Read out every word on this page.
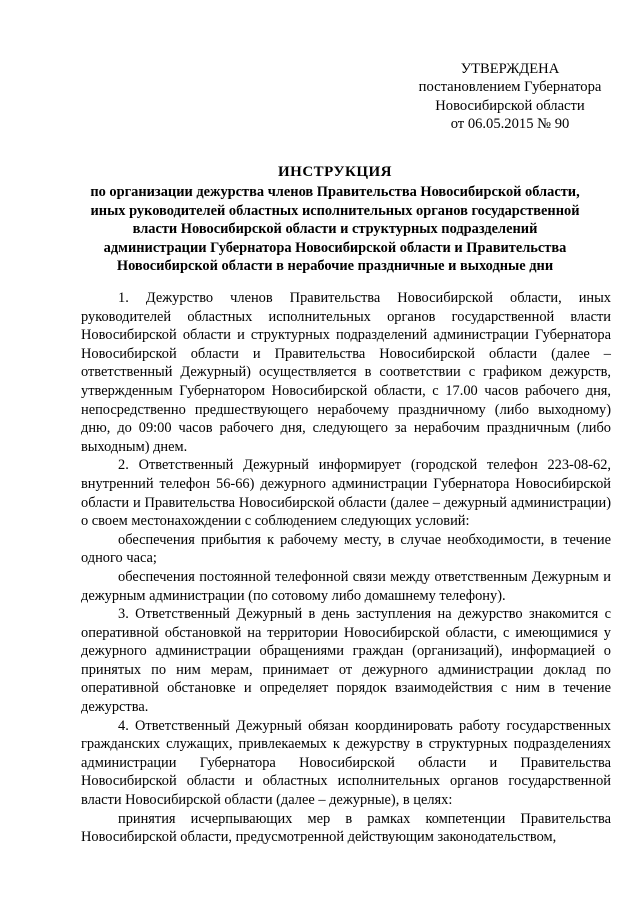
УТВЕРЖДЕНА
постановлением Губернатора
Новосибирской области
от 06.05.2015 № 90
ИНСТРУКЦИЯ
по организации дежурства членов Правительства Новосибирской области,
иных руководителей областных исполнительных органов государственной
власти Новосибирской области и структурных подразделений
администрации Губернатора Новосибирской области и Правительства
Новосибирской области в нерабочие праздничные и выходные дни

1. Дежурство членов Правительства Новосибирской области, иных руководителей областных исполнительных органов государственной власти Новосибирской области и структурных подразделений администрации Губернатора Новосибирской области и Правительства Новосибирской области (далее – ответственный Дежурный) осуществляется в соответствии с графиком дежурств, утвержденным Губернатором Новосибирской области, с 17.00 часов рабочего дня, непосредственно предшествующего нерабочему праздничному (либо выходному) дню, до 09:00 часов рабочего дня, следующего за нерабочим праздничным (либо выходным) днем.

2. Ответственный Дежурный информирует (городской телефон 223-08-62, внутренний телефон 56-66) дежурного администрации Губернатора Новосибирской области и Правительства Новосибирской области (далее – дежурный администрации) о своем местонахождении с соблюдением следующих условий:

обеспечения прибытия к рабочему месту, в случае необходимости, в течение одного часа;

обеспечения постоянной телефонной связи между ответственным Дежурным и дежурным администрации (по сотовому либо домашнему телефону).

3. Ответственный Дежурный в день заступления на дежурство знакомится с оперативной обстановкой на территории Новосибирской области, с имеющимися у дежурного администрации обращениями граждан (организаций), информацией о принятых по ним мерам, принимает от дежурного администрации доклад по оперативной обстановке и определяет порядок взаимодействия с ним в течение дежурства.

4. Ответственный Дежурный обязан координировать работу государственных гражданских служащих, привлекаемых к дежурству в структурных подразделениях администрации Губернатора Новосибирской области и Правительства Новосибирской области и областных исполнительных органов государственной власти Новосибирской области (далее – дежурные), в целях:

принятия исчерпывающих мер в рамках компетенции Правительства Новосибирской области, предусмотренной действующим законодательством,
